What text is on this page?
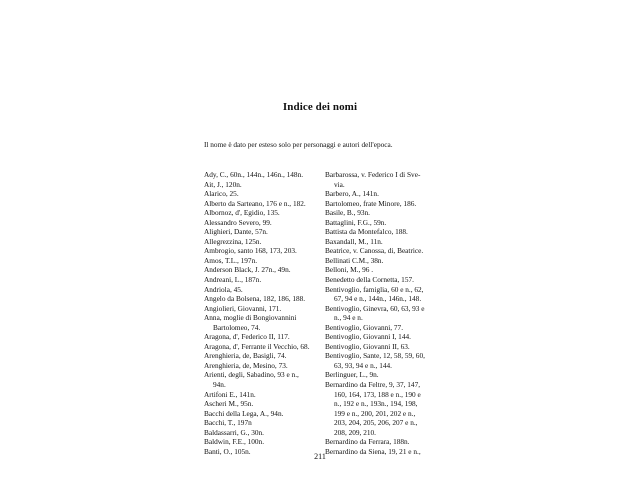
Indice dei nomi
Il nome è dato per esteso solo per personaggi e autori dell'epoca.
Ady, C., 60n., 144n., 146n., 148n.
Ait, J., 120n.
Alarico, 25.
Alberto da Sarteano, 176 e n., 182.
Albornoz, d', Egidio, 135.
Alessandro Severo, 99.
Alighieri, Dante, 57n.
Allegrezzina, 125n.
Ambrogio, santo 168, 173, 203.
Amos, T.L., 197n.
Anderson Black, J. 27n., 49n.
Andreani, L., 187n.
Andriola, 45.
Angelo da Bolsena, 182, 186, 188.
Angiolieri, Giovanni, 171.
Anna, moglie di Bongiovannini
Bartolomeo, 74.
Aragona, d', Federico II, 117.
Aragona, d', Ferrante il Vecchio, 68.
Arenghieria, de, Basigli, 74.
Arenghieria, de, Mesino, 73.
Arienti, degli, Sabadino, 93 e n.,
94n.
Artifoni E., 141n.
Ascheri M., 95n.
Bacchi della Lega, A., 94n.
Bacchi, T., 197n
Baldassarri, G., 30n.
Baldwin, F.E., 100n.
Banti, O., 105n.
Barbarossa, v. Federico I di Sve-
via.
Barbero, A., 141n.
Bartolomeo, frate Minore, 186.
Basile, B., 93n.
Battaglini, F.G., 59n.
Battista da Montefalco, 188.
Baxandall, M., 11n.
Beatrice, v. Canossa, di, Beatrice.
Bellinati C.M., 38n.
Belloni, M., 96 .
Benedetto della Cornetta, 157.
Bentivoglio, famiglia, 60 e n., 62,
67, 94 e n., 144n., 146n., 148.
Bentivoglio, Ginevra, 60, 63, 93 e
n., 94 e n.
Bentivoglio, Giovanni, 77.
Bentivoglio, Giovanni I, 144.
Bentivoglio, Giovanni II, 63.
Bentivoglio, Sante, 12, 58, 59, 60,
63, 93, 94 e n., 144.
Berlinguer, L., 9n.
Bernardino da Feltre, 9, 37, 147,
160, 164, 173, 188 e n., 190 e
n., 192 e n., 193n., 194, 198,
199 e n., 200, 201, 202 e n.,
203, 204, 205, 206, 207 e n.,
208, 209, 210.
Bernardino da Ferrara, 188n.
Bernardino da Siena, 19, 21 e n.,
211
